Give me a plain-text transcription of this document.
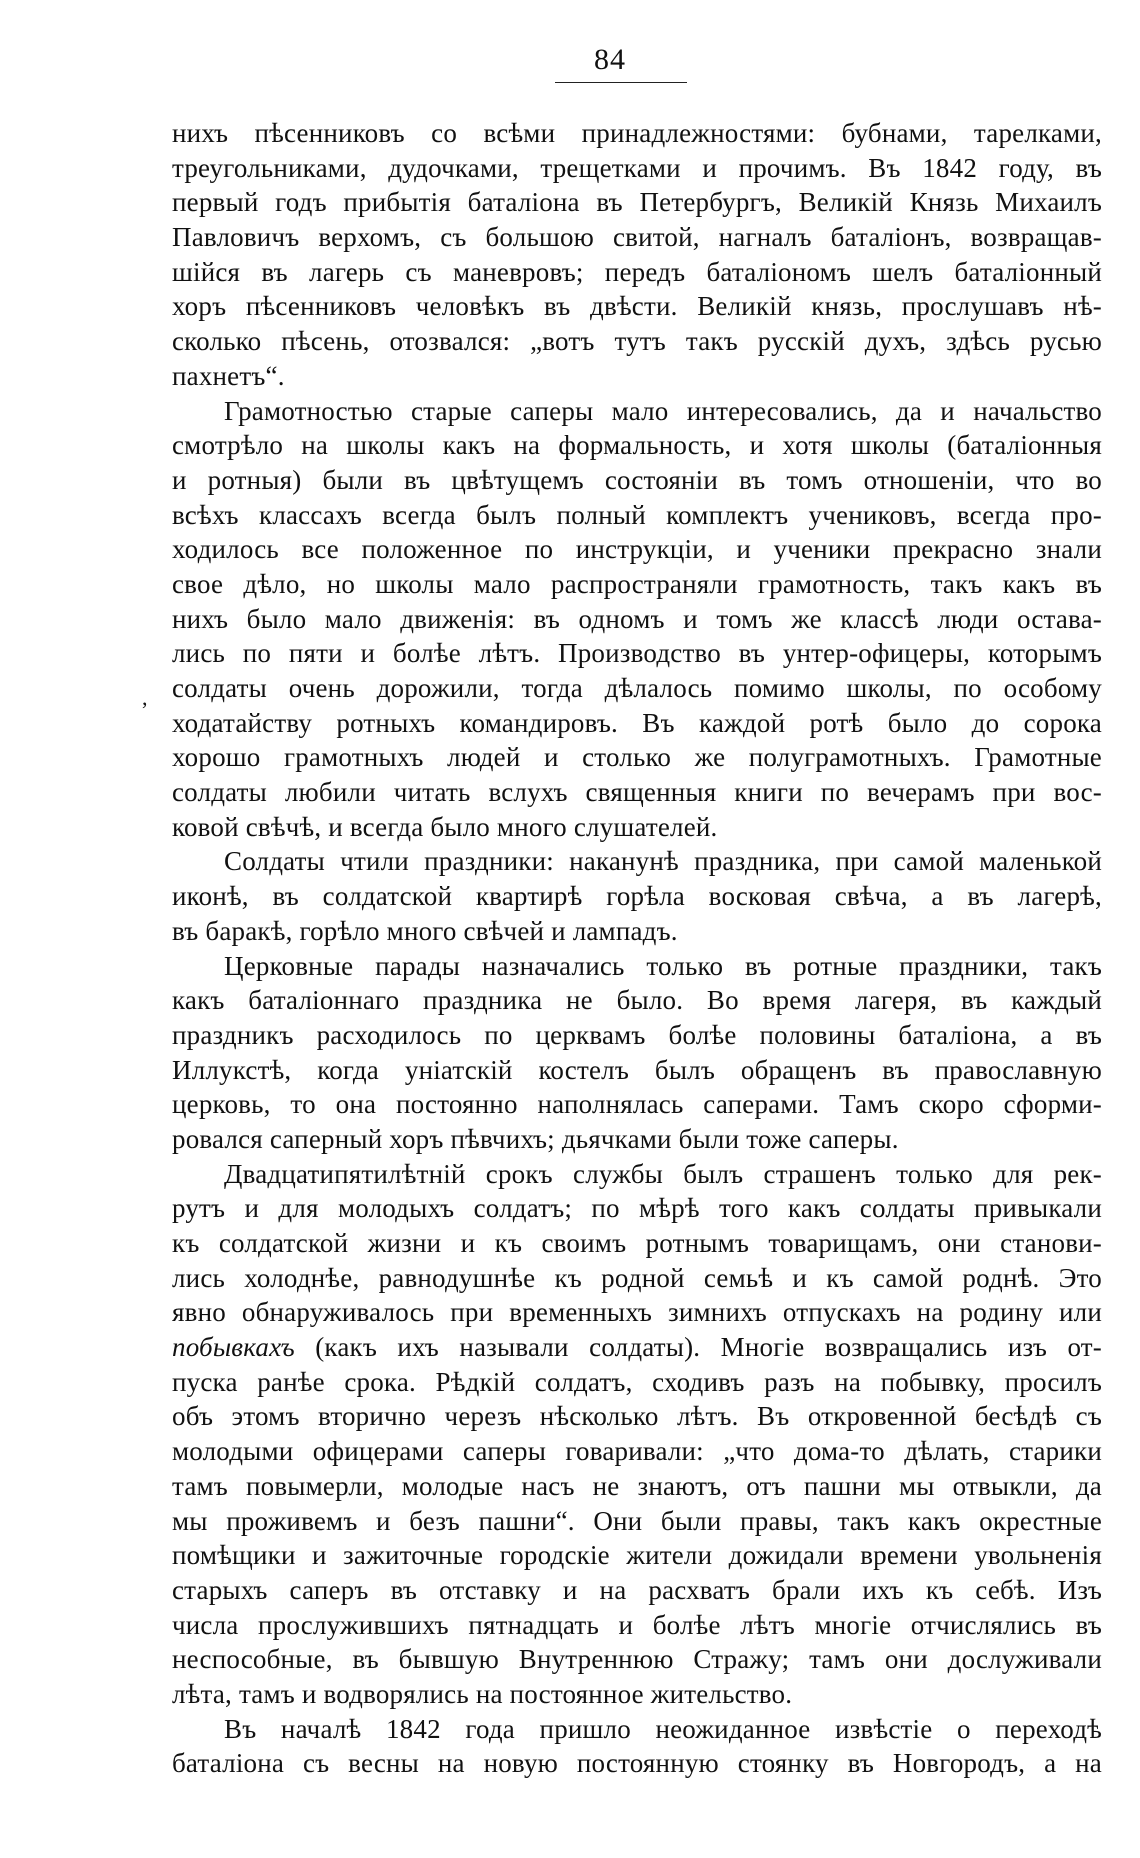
84
,
нихъ пѣсенниковъ со всѣми принадлежностями: бубнами, тарелками,
треугольниками, дудочками, трещетками и прочимъ. Въ 1842 году, въ
первый годъ прибытія баталіона въ Петербургъ, Великій Князь Михаилъ
Павловичъ верхомъ, съ большою свитой, нагналъ баталіонъ, возвращав-
шійся въ лагерь съ маневровъ; передъ баталіономъ шелъ баталіонный
хоръ пѣсенниковъ человѣкъ въ двѣсти. Великій князь, прослушавъ нѣ-
сколько пѣсень, отозвался: „вотъ тутъ такъ русскій духъ, здѣсь русью
пахнетъ“.
Грамотностью старые саперы мало интересовались, да и начальство
смотрѣло на школы какъ на формальность, и хотя школы (баталіонныя
и ротныя) были въ цвѣтущемъ состояніи въ томъ отношеніи, что во
всѣхъ классахъ всегда былъ полный комплектъ учениковъ, всегда про-
ходилось все положенное по инструкціи, и ученики прекрасно знали
свое дѣло, но школы мало распространяли грамотность, такъ какъ въ
нихъ было мало движенія: въ одномъ и томъ же классѣ люди остава-
лись по пяти и болѣе лѣтъ. Производство въ унтер-офицеры, которымъ
солдаты очень дорожили, тогда дѣлалось помимо школы, по особому
ходатайству ротныхъ командировъ. Въ каждой ротѣ было до сорока
хорошо грамотныхъ людей и столько же полуграмотныхъ. Грамотные
солдаты любили читать вслухъ священныя книги по вечерамъ при вос-
ковой свѣчѣ, и всегда было много слушателей.
Солдаты чтили праздники: наканунѣ праздника, при самой маленькой
иконѣ, въ солдатской квартирѣ горѣла восковая свѣча, а въ лагерѣ,
въ баракѣ, горѣло много свѣчей и лампадъ.
Церковные парады назначались только въ ротные праздники, такъ
какъ баталіоннаго праздника не было. Во время лагеря, въ каждый
праздникъ расходилось по церквамъ болѣе половины баталіона, а въ
Иллукстѣ, когда уніатскій костелъ былъ обращенъ въ православную
церковь, то она постоянно наполнялась саперами. Тамъ скоро сформи-
ровался саперный хоръ пѣвчихъ; дьячками были тоже саперы.
Двадцатипятилѣтній срокъ службы былъ страшенъ только для рек-
рутъ и для молодыхъ солдатъ; по мѣрѣ того какъ солдаты привыкали
къ солдатской жизни и къ своимъ ротнымъ товарищамъ, они станови-
лись холоднѣе, равнодушнѣе къ родной семьѣ и къ самой роднѣ. Это
явно обнаруживалось при временныхъ зимнихъ отпускахъ на родину или
побывкахъ (какъ ихъ называли солдаты). Многіе возвращались изъ от-
пуска ранѣе срока. Рѣдкій солдатъ, сходивъ разъ на побывку, просилъ
объ этомъ вторично черезъ нѣсколько лѣтъ. Въ откровенной бесѣдѣ съ
молодыми офицерами саперы говаривали: „что дома-то дѣлать, старики
тамъ повымерли, молодые насъ не знаютъ, отъ пашни мы отвыкли, да
мы проживемъ и безъ пашни“. Они были правы, такъ какъ окрестные
помѣщики и зажиточные городскіе жители дожидали времени увольненія
старыхъ саперъ въ отставку и на расхватъ брали ихъ къ себѣ. Изъ
числа прослужившихъ пятнадцать и болѣе лѣтъ многіе отчислялись въ
неспособные, въ бывшую Внутреннюю Стражу; тамъ они дослуживали
лѣта, тамъ и водворялись на постоянное жительство.
Въ началѣ 1842 года пришло неожиданное извѣстіе о переходѣ
баталіона съ весны на новую постоянную стоянку въ Новгородъ, а на
